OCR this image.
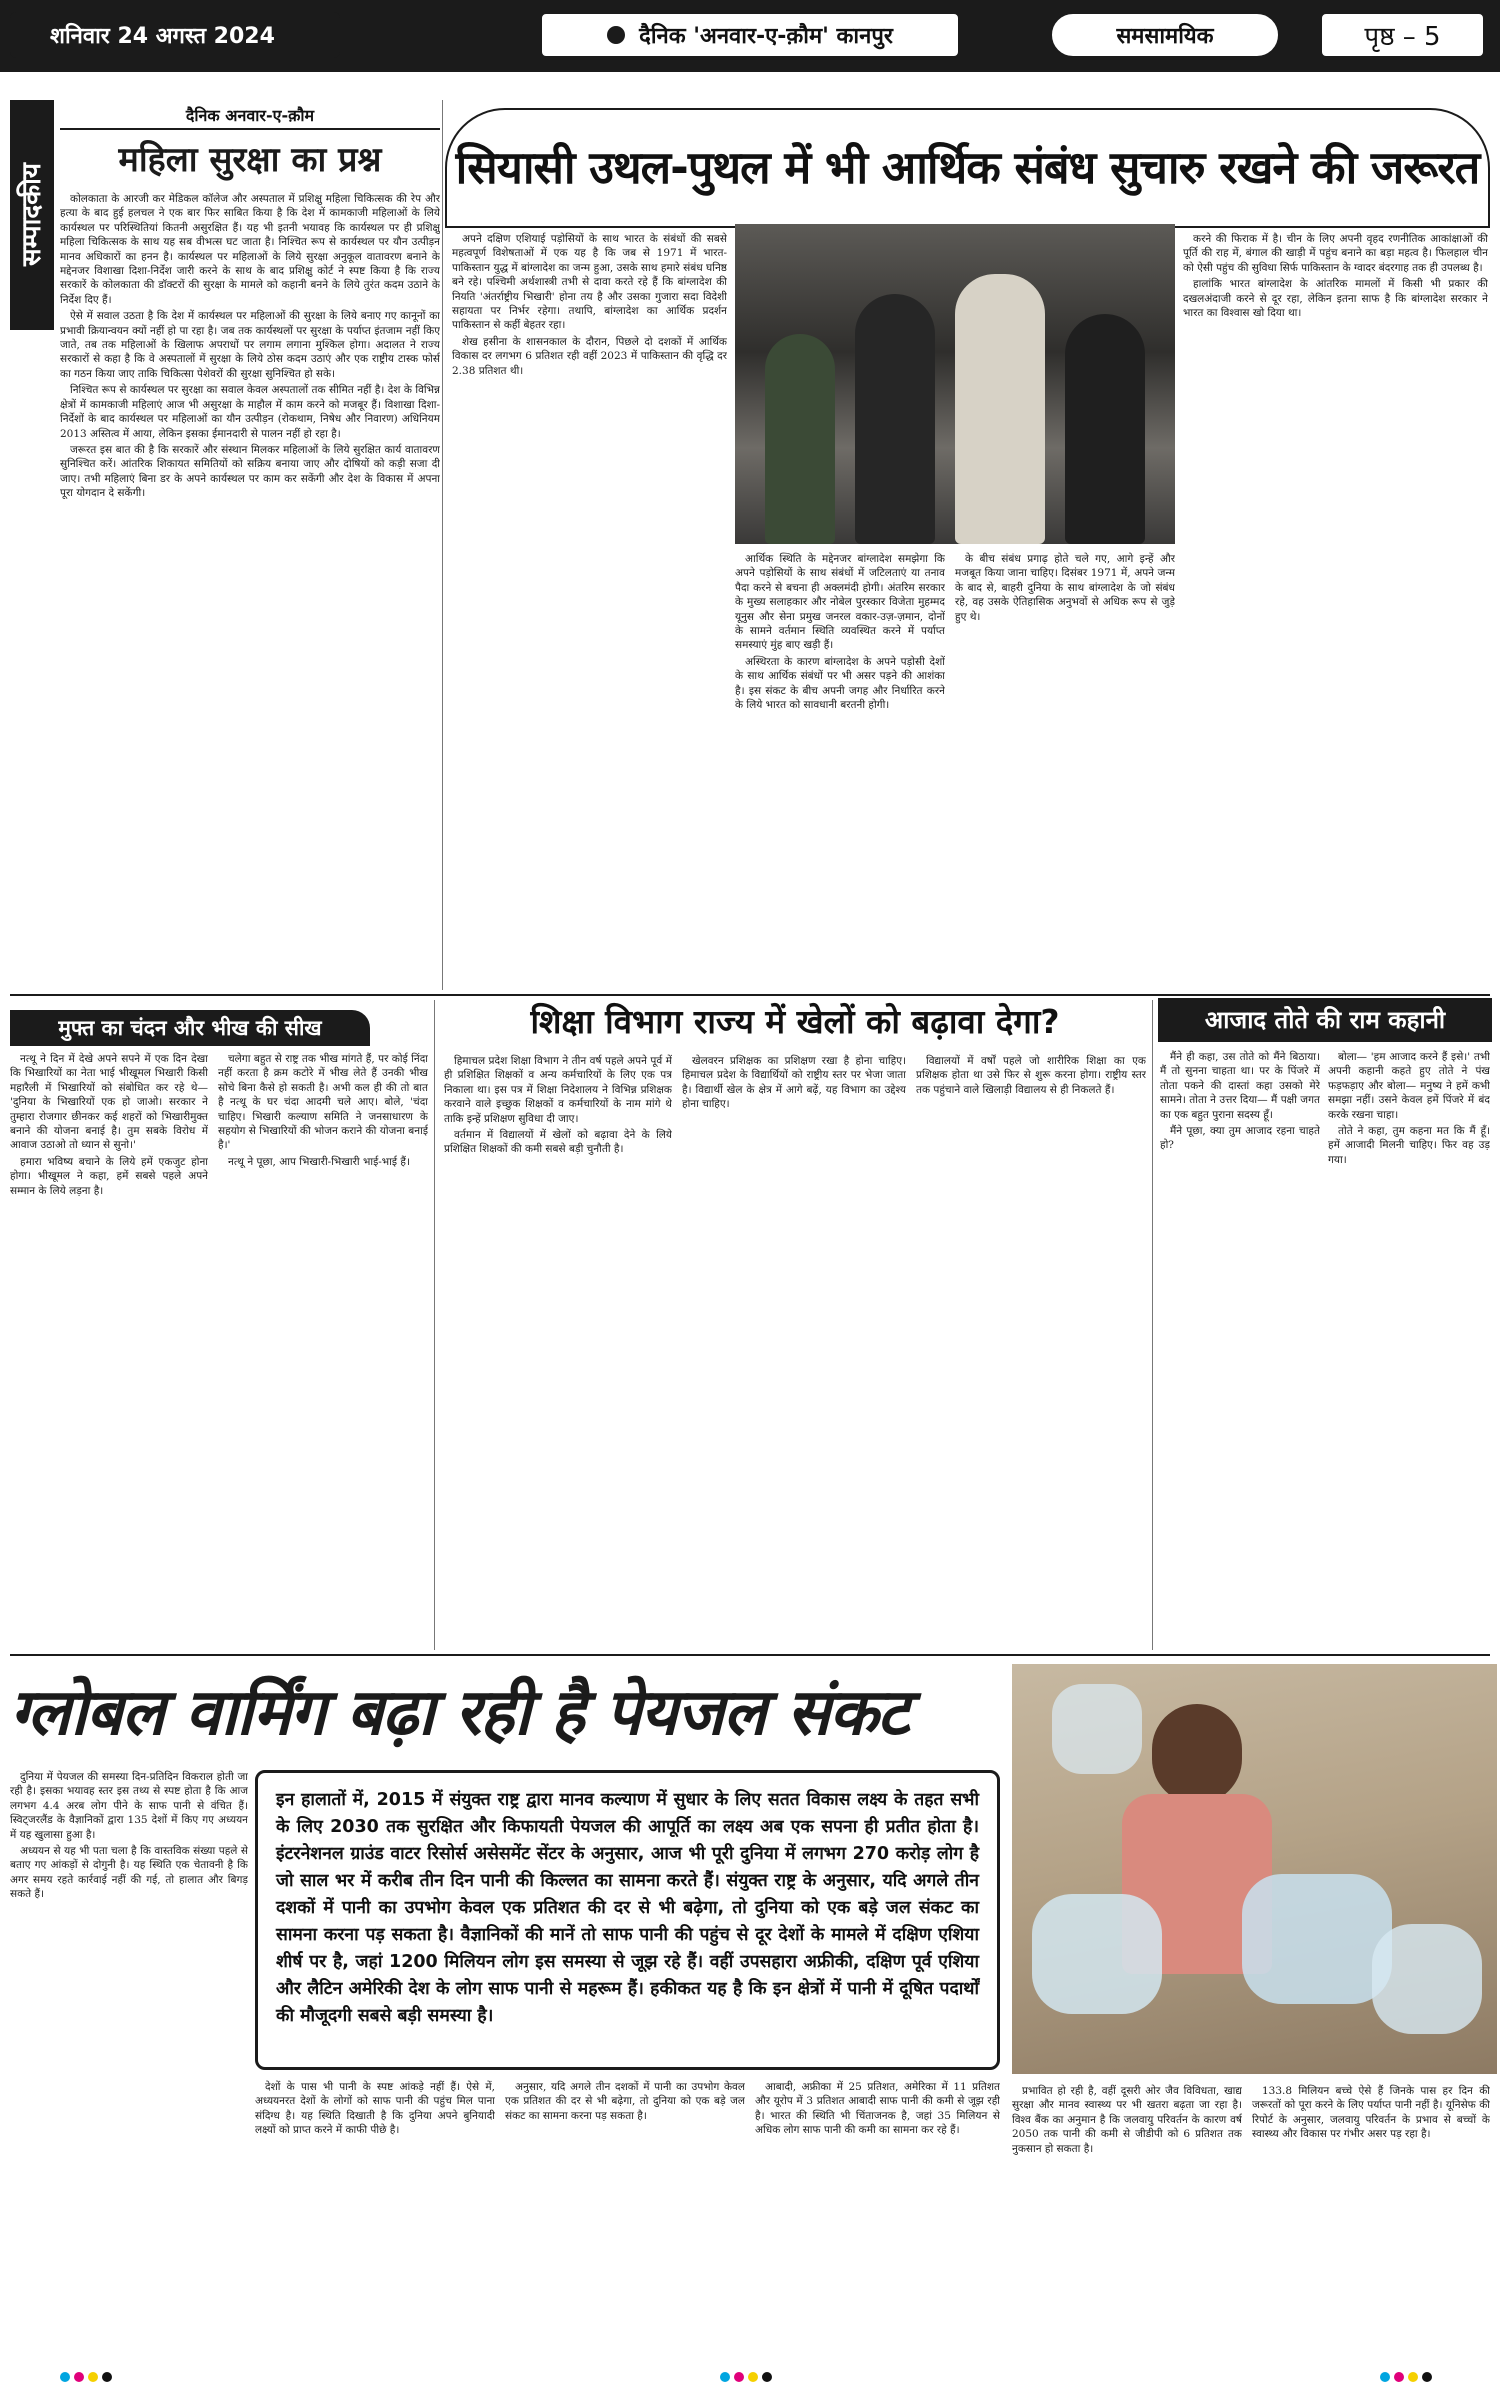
शनिवार 24 अगस्त 2024	दैनिक 'अनवार-ए-क़ौम' कानपुर	समसामयिक	पृष्ठ – 5
सम्पादकीय
दैनिक अनवार-ए-क़ौम
महिला सुरक्षा का प्रश्न

कोलकाता के आरजी कर मेडिकल कॉलेज और अस्पताल में प्रशिक्षु महिला चिकित्सक की रेप और हत्या के बाद हुई हलचल ने एक बार फिर साबित किया है कि देश में कामकाजी महिलाओं के लिये कार्यस्थल पर परिस्थितियां कितनी असुरक्षित हैं। यह भी इतनी भयावह कि कार्यस्थल पर ही प्रशिक्षु महिला चिकित्सक के साथ यह सब वीभत्स घट जाता है। निश्चित रूप से कार्यस्थल पर यौन उत्पीड़न मानव अधिकारों का हनन है। कार्यस्थल पर महिलाओं के लिये सुरक्षा अनुकूल वातावरण बनाने के मद्देनजर विशाखा दिशा-निर्देश जारी करने के साथ के बाद प्रशिक्षु कोर्ट ने स्पष्ट किया है कि राज्य सरकारें के कोलकाता की डॉक्टरों की सुरक्षा के मामले को कहानी बनने के लिये तुरंत कदम उठाने के निर्देश दिए हैं।

ऐसे में सवाल उठता है कि देश में कार्यस्थल पर महिलाओं की सुरक्षा के लिये बनाए गए कानूनों का प्रभावी क्रियान्वयन क्यों नहीं हो पा रहा है। जब तक कार्यस्थलों पर सुरक्षा के पर्याप्त इंतजाम नहीं किए जाते, तब तक महिलाओं के खिलाफ अपराधों पर लगाम लगाना मुश्किल होगा। अदालत ने राज्य सरकारों से कहा है कि वे अस्पतालों में सुरक्षा के लिये ठोस कदम उठाएं और एक राष्ट्रीय टास्क फोर्स का गठन किया जाए ताकि चिकित्सा पेशेवरों की सुरक्षा सुनिश्चित हो सके।

निश्चित रूप से कार्यस्थल पर सुरक्षा का सवाल केवल अस्पतालों तक सीमित नहीं है। देश के विभिन्न क्षेत्रों में कामकाजी महिलाएं आज भी असुरक्षा के माहौल में काम करने को मजबूर हैं। विशाखा दिशा-निर्देशों के बाद कार्यस्थल पर महिलाओं का यौन उत्पीड़न (रोकथाम, निषेध और निवारण) अधिनियम 2013 अस्तित्व में आया, लेकिन इसका ईमानदारी से पालन नहीं हो रहा है।

जरूरत इस बात की है कि सरकारें और संस्थान मिलकर महिलाओं के लिये सुरक्षित कार्य वातावरण सुनिश्चित करें। आंतरिक शिकायत समितियों को सक्रिय बनाया जाए और दोषियों को कड़ी सजा दी जाए। तभी महिलाएं बिना डर के अपने कार्यस्थल पर काम कर सकेंगी और देश के विकास में अपना पूरा योगदान दे सकेंगी।

सियासी उथल-पुथल में भी आर्थिक संबंध सुचारु रखने की जरूरत

अपने दक्षिण एशियाई पड़ोसियों के साथ भारत के संबंधों की सबसे महत्वपूर्ण विशेषताओं में एक यह है कि जब से 1971 में भारत-पाकिस्तान युद्ध में बांग्लादेश का जन्म हुआ, उसके साथ हमारे संबंध घनिष्ठ बने रहे। पश्चिमी अर्थशास्त्री तभी से दावा करते रहे हैं कि बांग्लादेश की नियति 'अंतर्राष्ट्रीय भिखारी' होना तय है और उसका गुजारा सदा विदेशी सहायता पर निर्भर रहेगा। तथापि, बांग्लादेश का आर्थिक प्रदर्शन पाकिस्तान से कहीं बेहतर रहा।

शेख हसीना के शासनकाल के दौरान, पिछले दो दशकों में आर्थिक विकास दर लगभग 6 प्रतिशत रही वहीं 2023 में पाकिस्तान की वृद्धि दर 2.38 प्रतिशत थी।

करने की फिराक में है। चीन के लिए अपनी वृहद रणनीतिक आकांक्षाओं की पूर्ति की राह में, बंगाल की खाड़ी में पहुंच बनाने का बड़ा महत्व है। फिलहाल चीन को ऐसी पहुंच की सुविधा सिर्फ पाकिस्तान के ग्वादर बंदरगाह तक ही उपलब्ध है।

हालांकि भारत बांग्लादेश के आंतरिक मामलों में किसी भी प्रकार की दखलअंदाजी करने से दूर रहा, लेकिन इतना साफ है कि बांग्लादेश सरकार ने भारत का विश्वास खो दिया था।

आर्थिक स्थिति के मद्देनजर बांग्लादेश समझेगा कि अपने पड़ोसियों के साथ संबंधों में जटिलताएं या तनाव पैदा करने से बचना ही अक्लमंदी होगी। अंतरिम सरकार के मुख्य सलाहकार और नोबेल पुरस्कार विजेता मुहम्मद यूनुस और सेना प्रमुख जनरल वकार-उज़-ज़मान, दोनों के सामने वर्तमान स्थिति व्यवस्थित करने में पर्याप्त समस्याएं मुंह बाए खड़ी हैं।

अस्थिरता के कारण बांग्लादेश के अपने पड़ोसी देशों के साथ आर्थिक संबंधों पर भी असर पड़ने की आशंका है। इस संकट के बीच अपनी जगह और निर्धारित करने के लिये भारत को सावधानी बरतनी होगी।

के बीच संबंध प्रगाढ़ होते चले गए, आगे इन्हें और मजबूत किया जाना चाहिए। दिसंबर 1971 में, अपने जन्म के बाद से, बाहरी दुनिया के साथ बांग्लादेश के जो संबंध रहे, वह उसके ऐतिहासिक अनुभवों से अधिक रूप से जुड़े हुए थे।

मुफ्त का चंदन और भीख की सीख

नत्थू ने दिन में देखे अपने सपने में एक दिन देखा कि भिखारियों का नेता भाई भीखूमल भिखारी किसी महारैली में भिखारियों को संबोधित कर रहे थे— 'दुनिया के भिखारियों एक हो जाओ। सरकार ने तुम्हारा रोजगार छीनकर कई शहरों को भिखारीमुक्त बनाने की योजना बनाई है। तुम सबके विरोध में आवाज उठाओ तो ध्यान से सुनो।'

हमारा भविष्य बचाने के लिये हमें एकजुट होना होगा। भीखूमल ने कहा, हमें सबसे पहले अपने सम्मान के लिये लड़ना है।

चलेगा बहुत से राष्ट्र तक भीख मांगते हैं, पर कोई निंदा नहीं करता है क्रम कटोरे में भीख लेते हैं उनकी भीख सोचे बिना कैसे हो सकती है। अभी कल ही की तो बात है नत्थू के घर चंदा आदमी चले आए। बोले, 'चंदा चाहिए। भिखारी कल्याण समिति ने जनसाधारण के सहयोग से भिखारियों की भोजन कराने की योजना बनाई है।'

नत्थू ने पूछा, आप भिखारी-भिखारी भाई-भाई हैं।

शिक्षा विभाग राज्य में खेलों को बढ़ावा देगा?

हिमाचल प्रदेश शिक्षा विभाग ने तीन वर्ष पहले अपने पूर्व में ही प्रशिक्षित शिक्षकों व अन्य कर्मचारियों के लिए एक पत्र निकाला था। इस पत्र में शिक्षा निदेशालय ने विभिन्न प्रशिक्षक करवाने वाले इच्छुक शिक्षकों व कर्मचारियों के नाम मांगे थे ताकि इन्हें प्रशिक्षण सुविधा दी जाए।

वर्तमान में विद्यालयों में खेलों को बढ़ावा देने के लिये प्रशिक्षित शिक्षकों की कमी सबसे बड़ी चुनौती है।

खेलवरन प्रशिक्षक का प्रशिक्षण रखा है होना चाहिए। हिमाचल प्रदेश के विद्यार्थियों को राष्ट्रीय स्तर पर भेजा जाता है। विद्यार्थी खेल के क्षेत्र में आगे बढ़ें, यह विभाग का उद्देश्य होना चाहिए।

विद्यालयों में वर्षों पहले जो शारीरिक शिक्षा का एक प्रशिक्षक होता था उसे फिर से शुरू करना होगा। राष्ट्रीय स्तर तक पहुंचाने वाले खिलाड़ी विद्यालय से ही निकलते हैं।

आजाद तोते की राम कहानी

मैंने ही कहा, उस तोते को मैंने बिठाया। मैं तो सुनना चाहता था। पर के पिंजरे में तोता पकने की दास्तां कहा उसको मेरे सामने। तोता ने उत्तर दिया— मैं पक्षी जगत का एक बहुत पुराना सदस्य हूँ।

मैंने पूछा, क्या तुम आजाद रहना चाहते हो?

बोला— 'हम आजाद करने हैं इसे।' तभी अपनी कहानी कहते हुए तोते ने पंख फड़फड़ाए और बोला— मनुष्य ने हमें कभी समझा नहीं। उसने केवल हमें पिंजरे में बंद करके रखना चाहा।

तोते ने कहा, तुम कहना मत कि मैं हूँ। हमें आजादी मिलनी चाहिए। फिर वह उड़ गया।

ग्लोबल वार्मिंग बढ़ा रही है पेयजल संकट

दुनिया में पेयजल की समस्या दिन-प्रतिदिन विकराल होती जा रही है। इसका भयावह स्तर इस तथ्य से स्पष्ट होता है कि आज लगभग 4.4 अरब लोग पीने के साफ पानी से वंचित हैं। स्विट्जरलैंड के वैज्ञानिकों द्वारा 135 देशों में किए गए अध्ययन में यह खुलासा हुआ है।

अध्ययन से यह भी पता चला है कि वास्तविक संख्या पहले से बताए गए आंकड़ों से दोगुनी है। यह स्थिति एक चेतावनी है कि अगर समय रहते कार्रवाई नहीं की गई, तो हालात और बिगड़ सकते हैं।

इन हालातों में, 2015 में संयुक्त राष्ट्र द्वारा मानव कल्याण में सुधार के लिए सतत विकास लक्ष्य के तहत सभी के लिए 2030 तक सुरक्षित और किफायती पेयजल की आपूर्ति का लक्ष्य अब एक सपना ही प्रतीत होता है। इंटरनेशनल ग्राउंड वाटर रिसोर्स असेसमेंट सेंटर के अनुसार, आज भी पूरी दुनिया में लगभग 270 करोड़ लोग है जो साल भर में करीब तीन दिन पानी की किल्लत का सामना करते हैं। संयुक्त राष्ट्र के अनुसार, यदि अगले तीन दशकों में पानी का उपभोग केवल एक प्रतिशत की दर से भी बढ़ेगा, तो दुनिया को एक बड़े जल संकट का सामना करना पड़ सकता है। वैज्ञानिकों की मानें तो साफ पानी की पहुंच से दूर देशों के मामले में दक्षिण एशिया शीर्ष पर है, जहां 1200 मिलियन लोग इस समस्या से जूझ रहे हैं। वहीं उपसहारा अफ्रीकी, दक्षिण पूर्व एशिया और लैटिन अमेरिकी देश के लोग साफ पानी से महरूम हैं। हकीकत यह है कि इन क्षेत्रों में पानी में दूषित पदार्थों की मौजूदगी सबसे बड़ी समस्या है।

देशों के पास भी पानी के स्पष्ट आंकड़े नहीं हैं। ऐसे में, अध्ययनरत देशों के लोगों को साफ पानी की पहुंच मिल पाना संदिग्ध है। यह स्थिति दिखाती है कि दुनिया अपने बुनियादी लक्ष्यों को प्राप्त करने में काफी पीछे है।

अनुसार, यदि अगले तीन दशकों में पानी का उपभोग केवल एक प्रतिशत की दर से भी बढ़ेगा, तो दुनिया को एक बड़े जल संकट का सामना करना पड़ सकता है।

आबादी, अफ्रीका में 25 प्रतिशत, अमेरिका में 11 प्रतिशत और यूरोप में 3 प्रतिशत आबादी साफ पानी की कमी से जूझ रही है। भारत की स्थिति भी चिंताजनक है, जहां 35 मिलियन से अधिक लोग साफ पानी की कमी का सामना कर रहे हैं।

प्रभावित हो रही है, वहीं दूसरी ओर जैव विविधता, खाद्य सुरक्षा और मानव स्वास्थ्य पर भी खतरा बढ़ता जा रहा है। विश्व बैंक का अनुमान है कि जलवायु परिवर्तन के कारण वर्ष 2050 तक पानी की कमी से जीडीपी को 6 प्रतिशत तक नुकसान हो सकता है।

133.8 मिलियन बच्चे ऐसे हैं जिनके पास हर दिन की जरूरतों को पूरा करने के लिए पर्याप्त पानी नहीं है। यूनिसेफ की रिपोर्ट के अनुसार, जलवायु परिवर्तन के प्रभाव से बच्चों के स्वास्थ्य और विकास पर गंभीर असर पड़ रहा है।
